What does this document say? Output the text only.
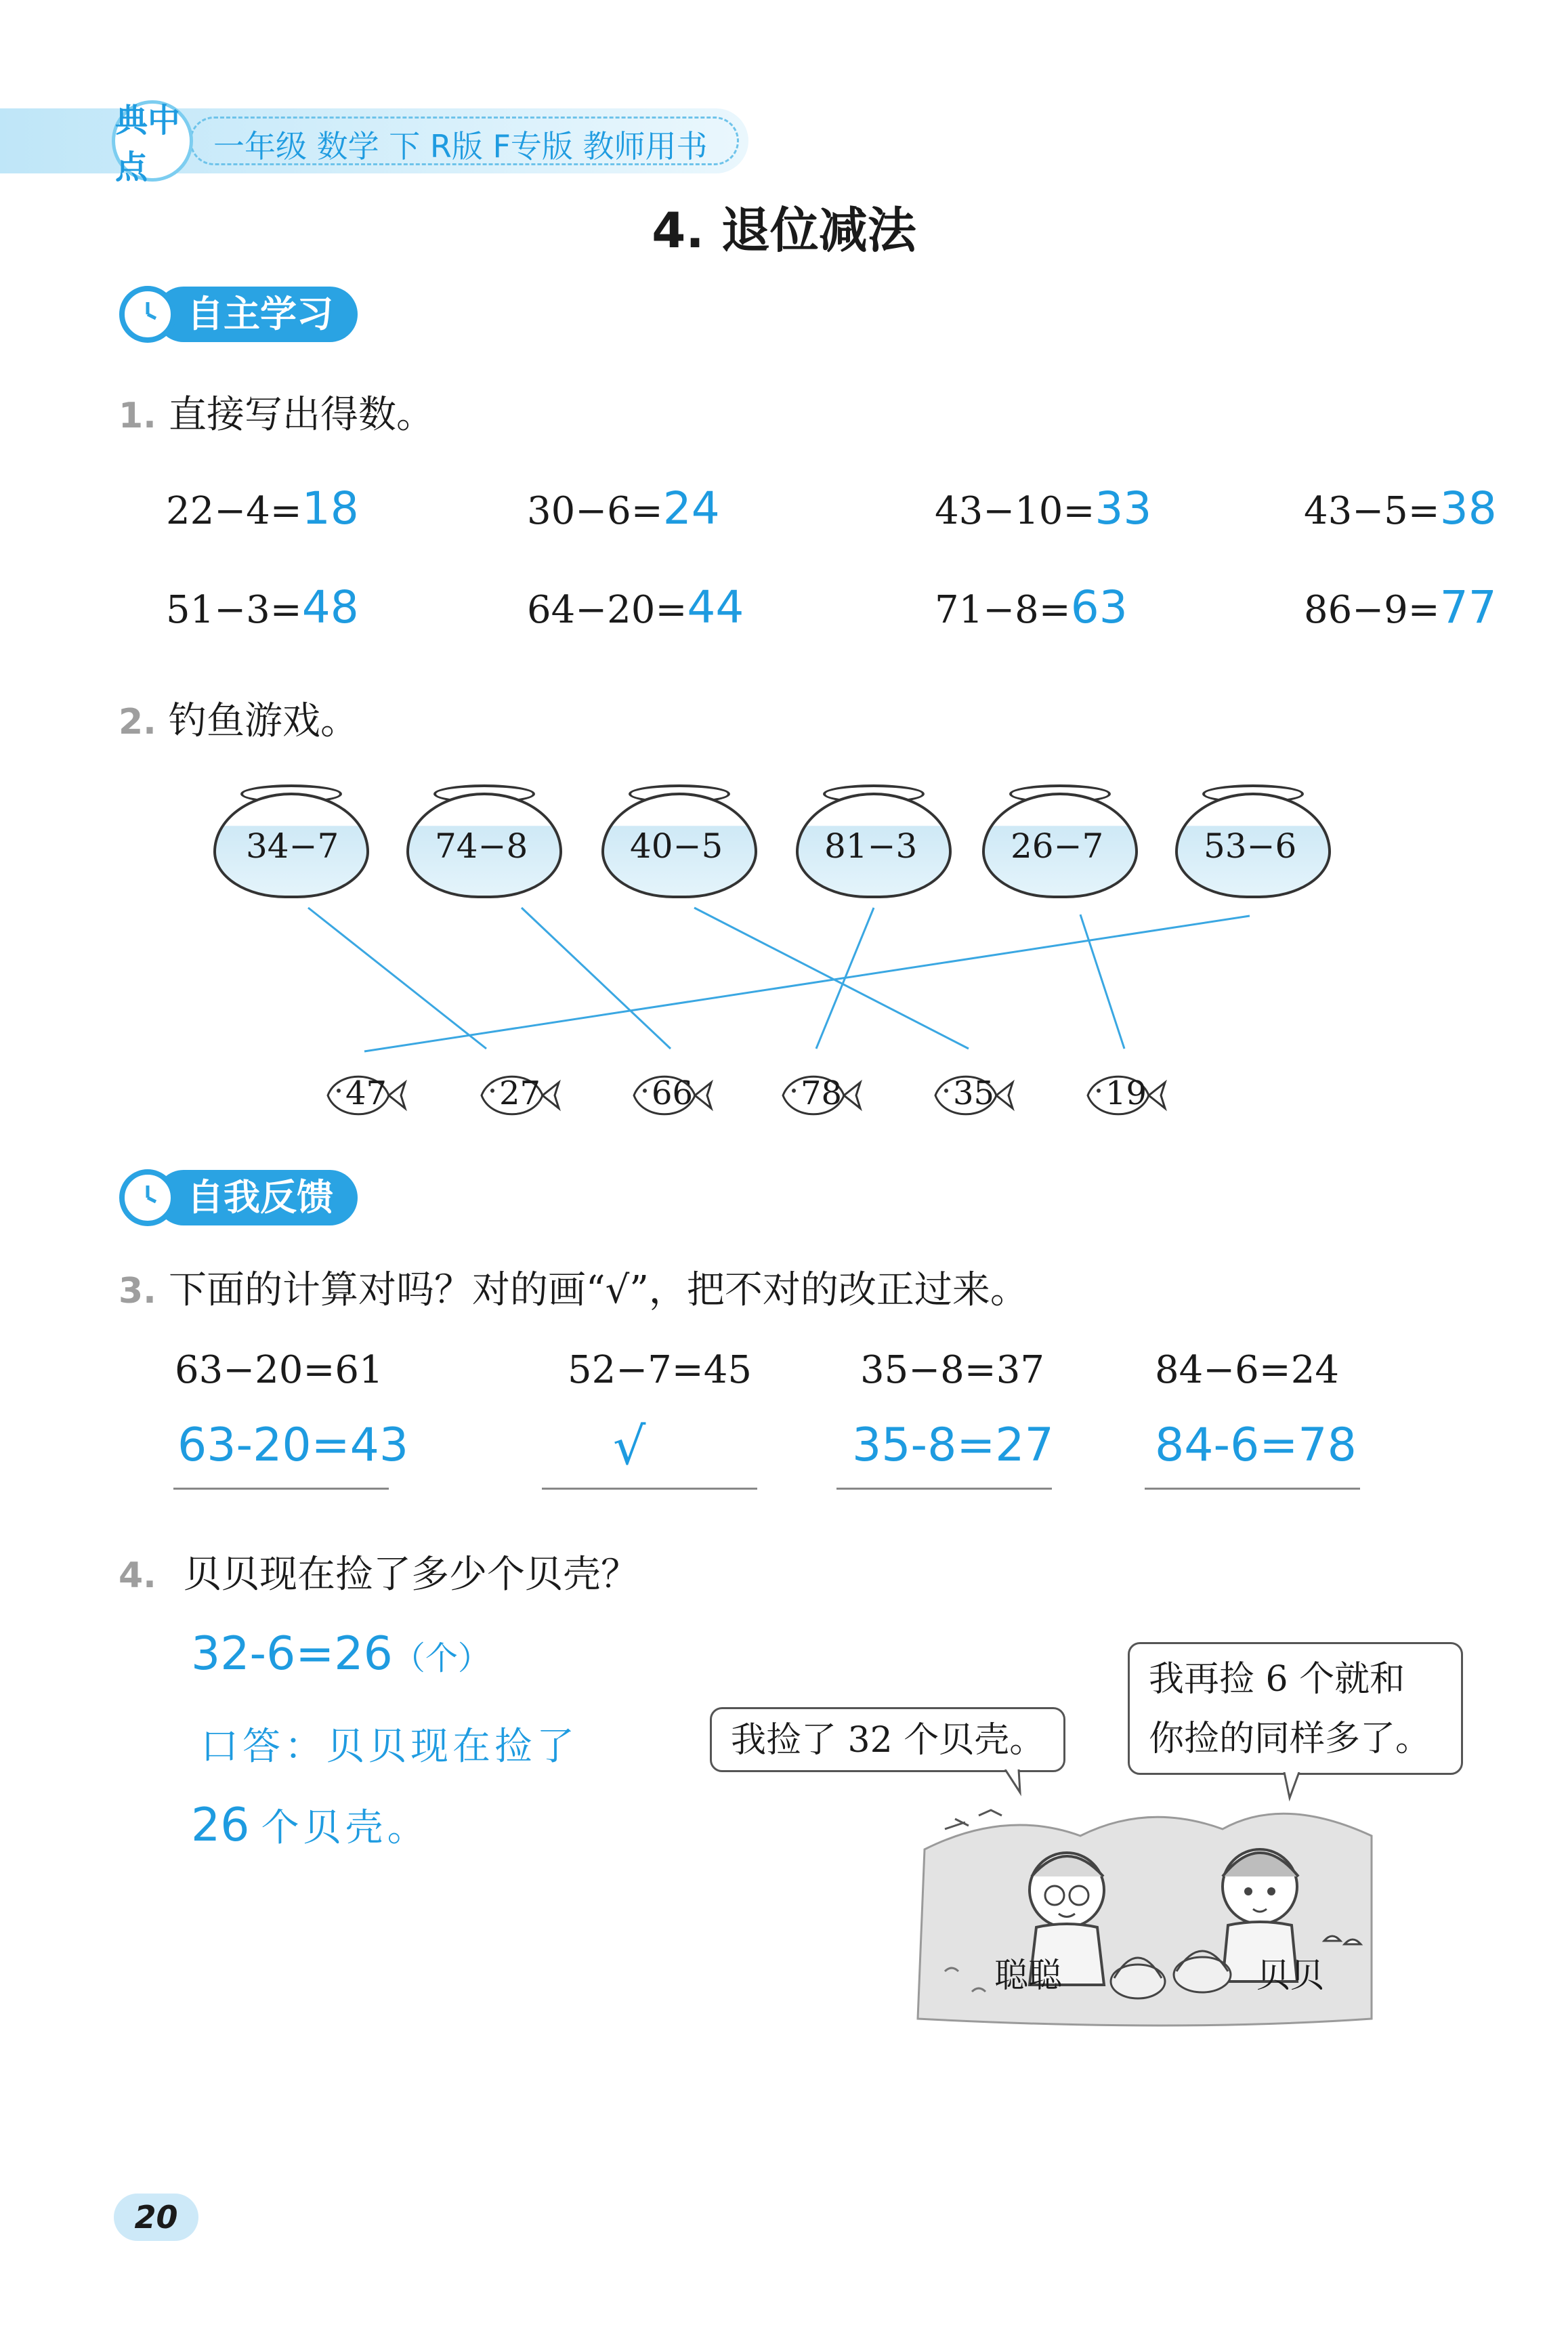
典中点
一年级 数学 下 R版 F专版 教师用书
4. 退位减法
自主学习
1. 直接写出得数。
22−4=18	30−6=24	43−10=33	43−5=38
51−3=48	64−20=44	71−8=63	86−9=77
2. 钓鱼游戏。
34−7	74−8	40−5	81−3	26−7	53−6
47	27	66	78	35	19
自我反馈
3. 下面的计算对吗？对的画“√”，把不对的改正过来。
63−20=61	52−7=45	35−8=37	84−6=24
63-20=43	√	35-8=27 84-6=78
4. 贝贝现在捡了多少个贝壳？
32-6=26（个）
口答：贝贝现在捡了
26 个贝壳。
我捡了 32 个贝壳。
我再捡 6 个就和
你捡的同样多了。
聪聪	贝贝
20
